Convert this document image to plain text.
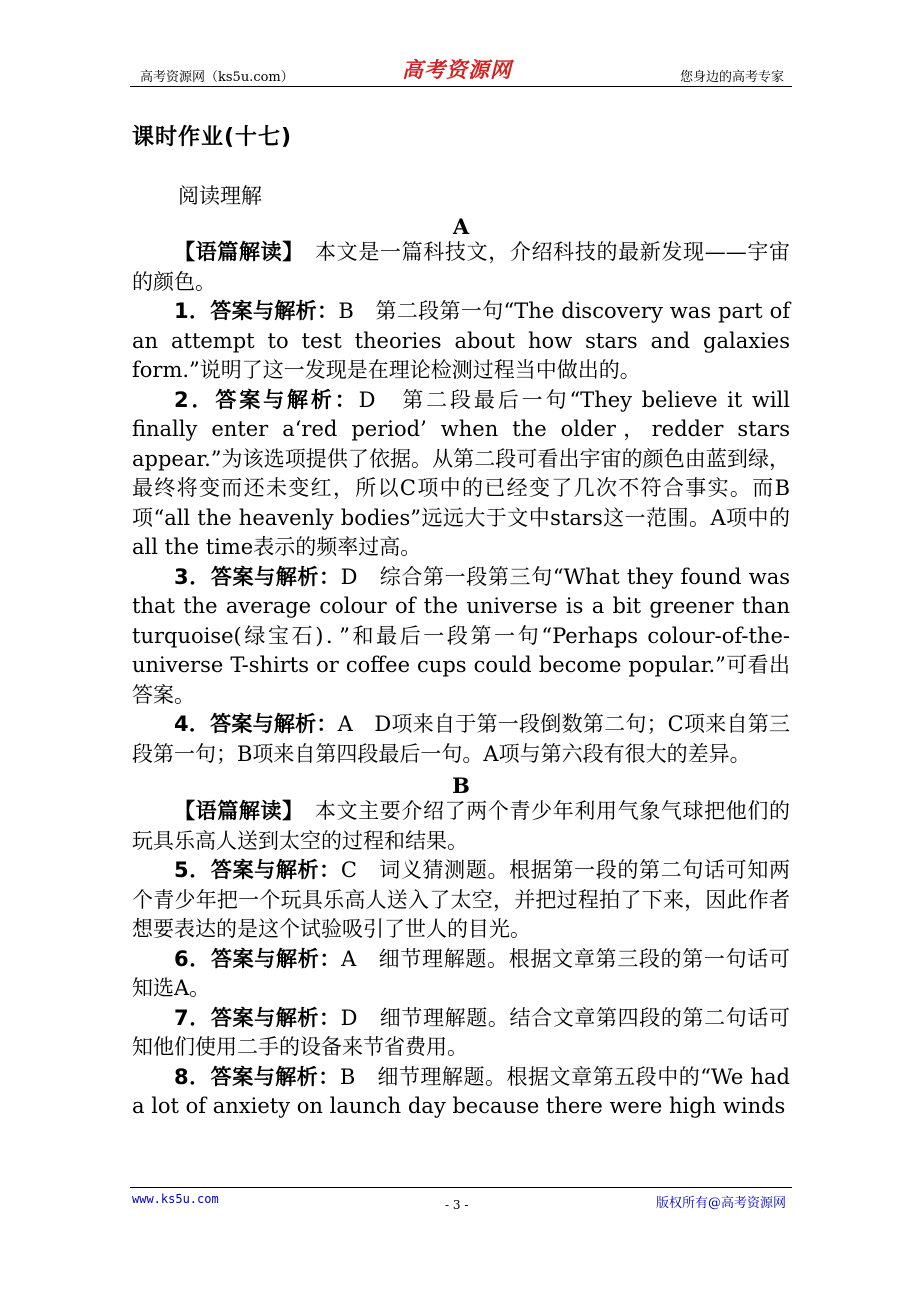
高考资源网（ks5u.com）	高考资源网	您身边的高考专家
课时作业(十七)
阅读理解
A

【语篇解读】　本文是一篇科技文，介绍科技的最新发现——宇宙的颜色。

1．答案与解析：B　第二段第一句“The discovery was part of an attempt to test theories about how stars and galaxies form.”说明了这一发现是在理论检测过程当中做出的。

2．答案与解析：D　第二段最后一句“They believe it will finally enter a‘red period’ when the older，redder stars appear.”为该选项提供了依据。从第二段可看出宇宙的颜色由蓝到绿，最终将变而还未变红，所以C项中的已经变了几次不符合事实。而B项“all the heavenly bodies”远远大于文中stars这一范围。A项中的all the time表示的频率过高。

3．答案与解析：D　综合第一段第三句“What they found was that the average colour of the universe is a bit greener than turquoise(绿宝石)．”和最后一段第一句“Perhaps colour-of-the-universe T-shirts or coffee cups could become popular.”可看出答案。

4．答案与解析：A　D项来自于第一段倒数第二句；C项来自第三段第一句；B项来自第四段最后一句。A项与第六段有很大的差异。

B

【语篇解读】　本文主要介绍了两个青少年利用气象气球把他们的玩具乐高人送到太空的过程和结果。

5．答案与解析：C　词义猜测题。根据第一段的第二句话可知两个青少年把一个玩具乐高人送入了太空，并把过程拍了下来，因此作者想要表达的是这个试验吸引了世人的目光。

6．答案与解析：A　细节理解题。根据文章第三段的第一句话可知选A。

7．答案与解析：D　细节理解题。结合文章第四段的第二句话可知他们使用二手的设备来节省费用。

8．答案与解析：B　细节理解题。根据文章第五段中的“We had a lot of anxiety on launch day because there were high winds

www.ks5u.com	- 3 -	版权所有@高考资源网
